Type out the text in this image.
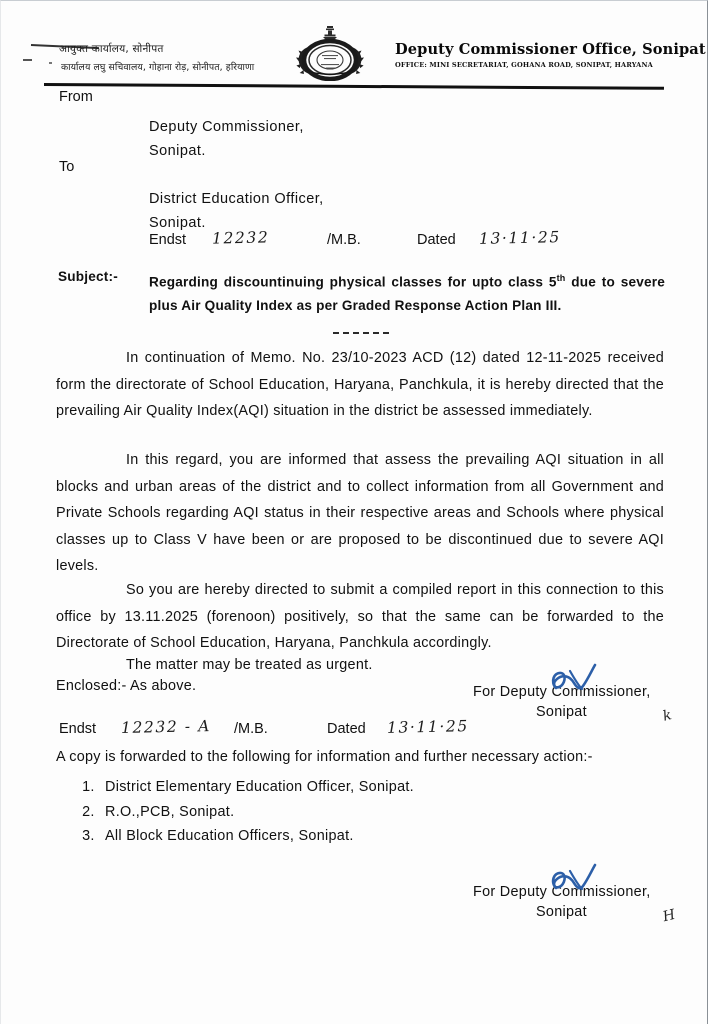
आयुक्त कार्यालय, सोनीपत
कार्यालय लघु सचिवालय, गोहाना रोड़, सोनीपत, हरियाणा
Deputy Commissioner Office, Sonipat
OFFICE: MINI SECRETARIAT, GOHANA ROAD, SONIPAT, HARYANA
From
Deputy Commissioner,
Sonipat.
To
District Education Officer,
Sonipat.
Endst 12232	/M.B.	Dated 13·11·25
Subject:- Regarding discountinuing physical classes for upto class 5th due to severe plus Air Quality Index as per Graded Response Action Plan III.

In continuation of Memo. No. 23/10-2023 ACD (12) dated 12-11-2025 received form the directorate of School Education, Haryana, Panchkula, it is hereby directed that the prevailing Air Quality Index(AQI) situation in the district be assessed immediately.

In this regard, you are informed that assess the prevailing AQI situation in all blocks and urban areas of the district and to collect information from all Government and Private Schools regarding AQI status in their respective areas and Schools where physical classes up to Class V have been or are proposed to be discontinued due to severe AQI levels.

So you are hereby directed to submit a compiled report in this connection to this office by 13.11.2025 (forenoon) positively, so that the same can be forwarded to the Directorate of School Education, Haryana, Panchkula accordingly.

The matter may be treated as urgent.

Enclosed:- As above.	For Deputy Commissioner,
Sonipat	k
Endst 12232 - A /M.B.	Dated 13·11·25
A copy is forwarded to the following for information and further necessary action:-
1. District Elementary Education Officer, Sonipat.
2. R.O.,PCB, Sonipat.
3. All Block Education Officers, Sonipat.
For Deputy Commissioner,
Sonipat	H
